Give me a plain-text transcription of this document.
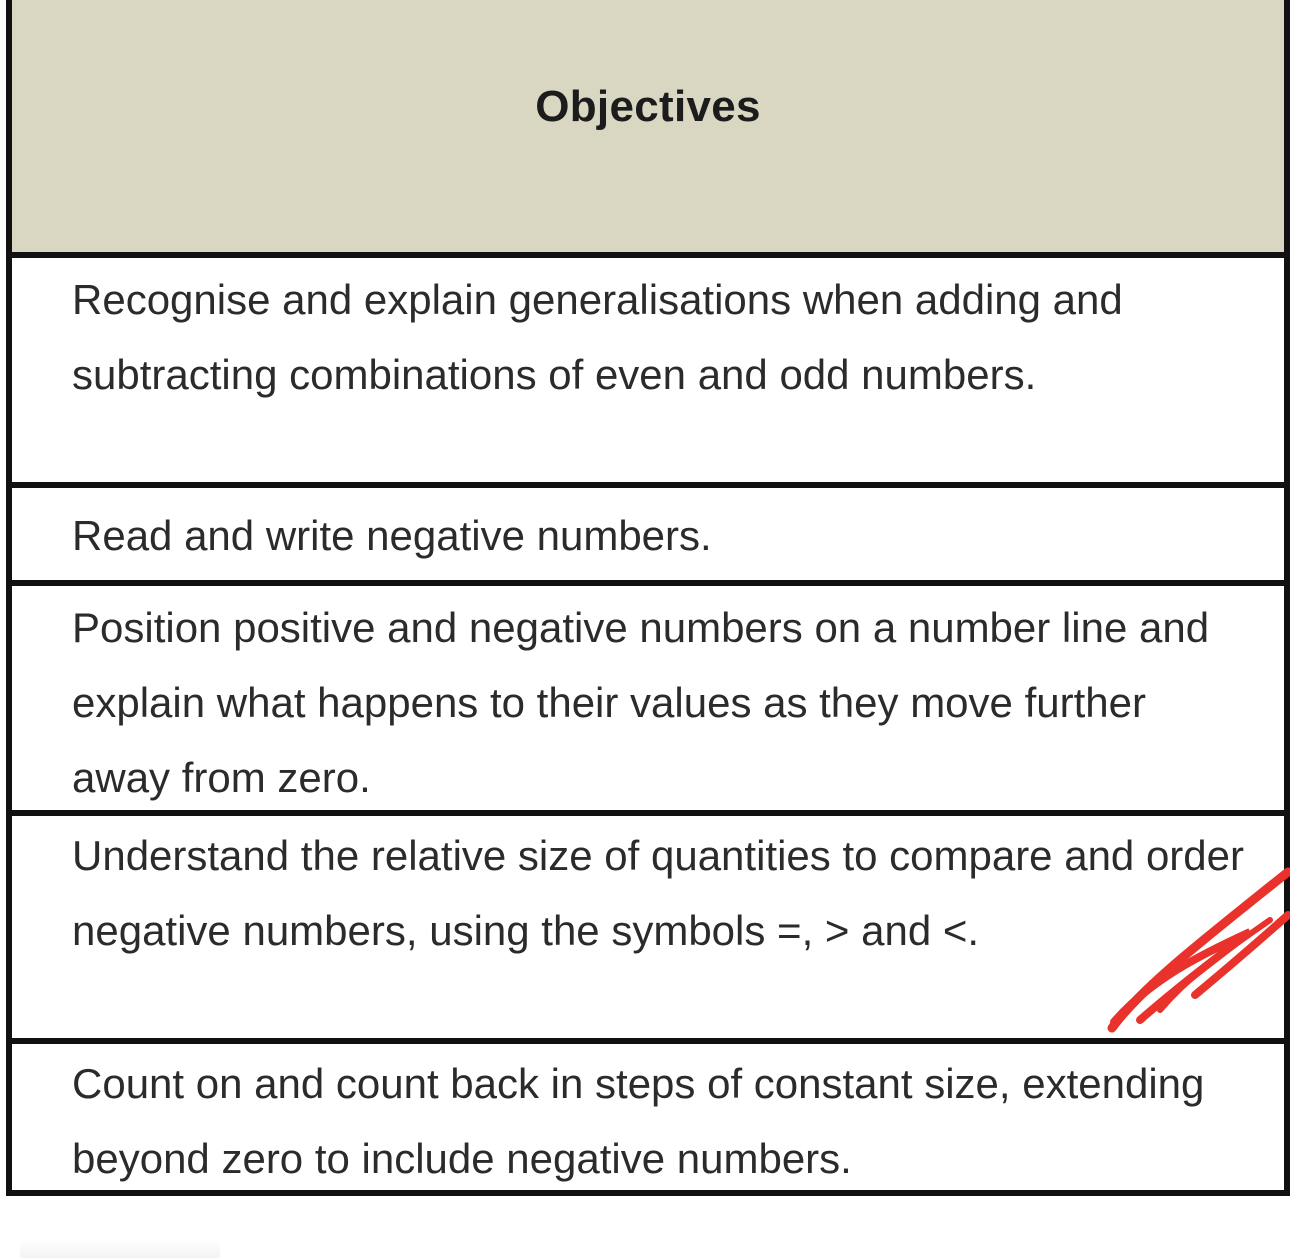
Objectives
Recognise and explain generalisations when adding and subtracting combinations of even and odd numbers.
Read and write negative numbers.
Position positive and negative numbers on a number line and explain what happens to their values as they move further away from zero.
Understand the relative size of quantities to compare and order negative numbers, using the symbols =, > and <.
Count on and count back in steps of constant size, extending beyond zero to include negative numbers.
